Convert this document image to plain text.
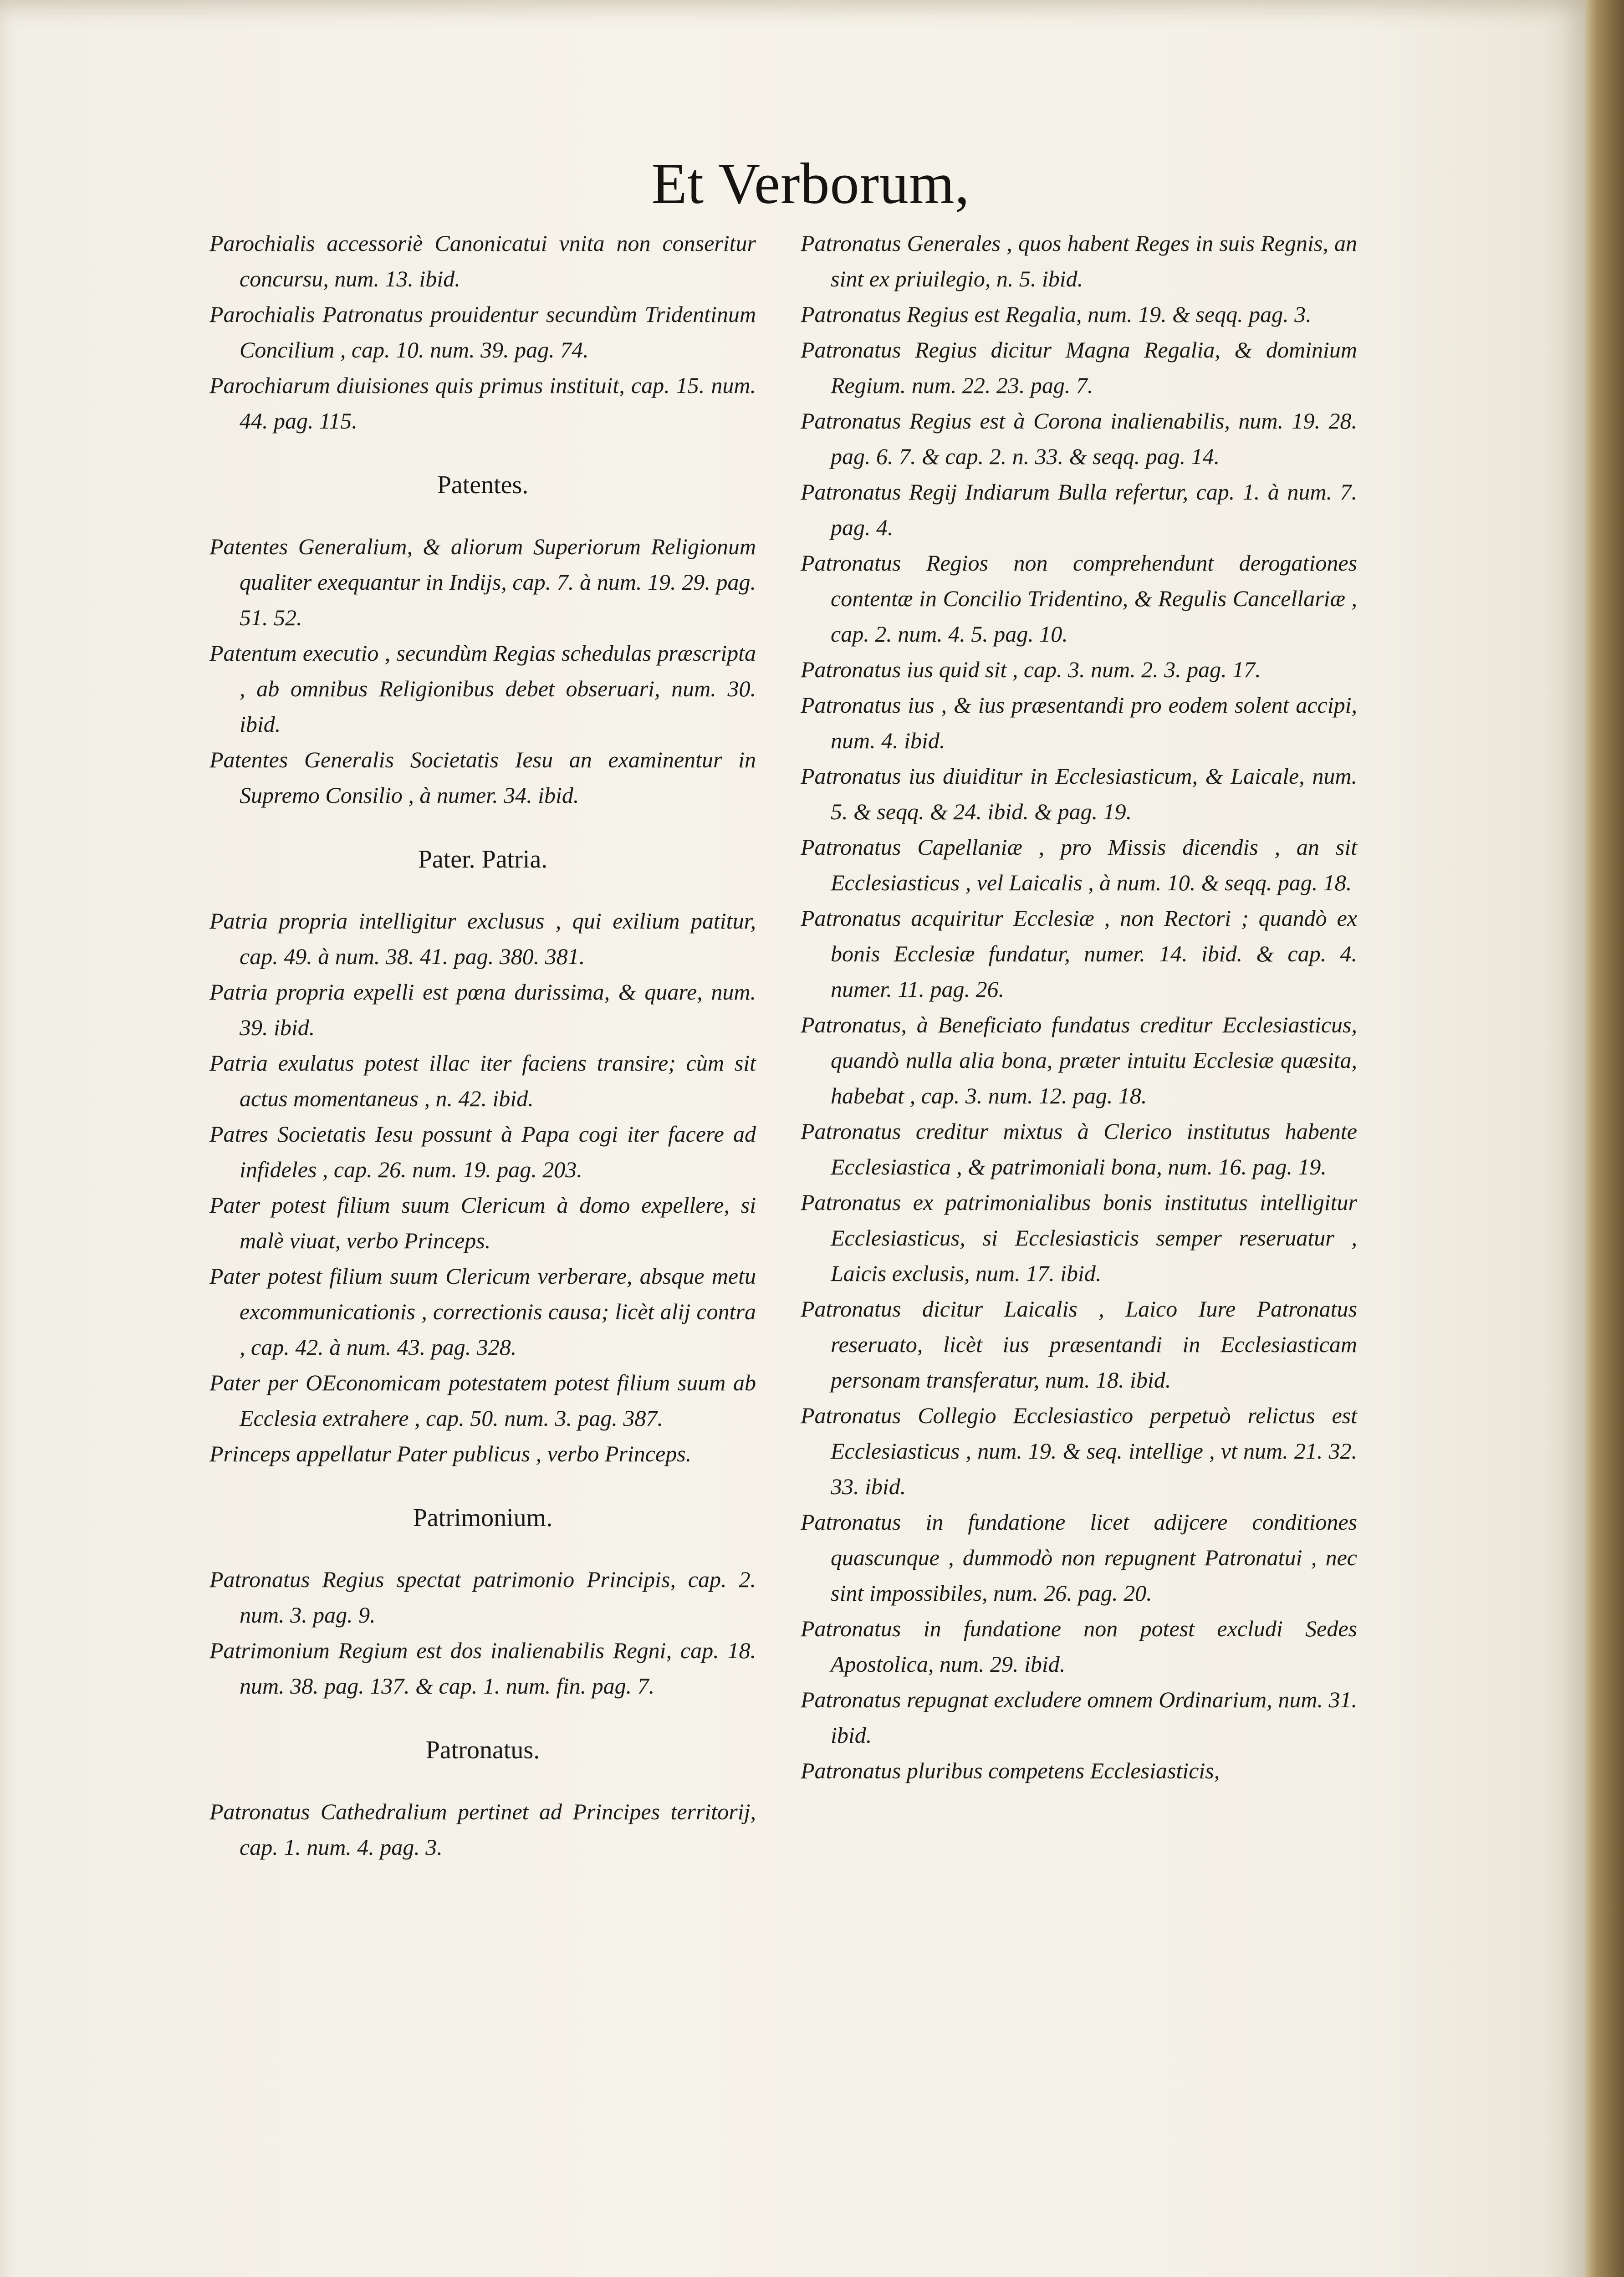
Et Verborum,
Parochialis accessoriè Canonicatui vnita non conseritur concursu, num. 13. ibid.
Parochialis Patronatus prouidentur secundùm Tridentinum Concilium , cap. 10. num. 39. pag. 74.
Parochiarum diuisiones quis primus instituit, cap. 15. num. 44. pag. 115.
Patentes.
Patentes Generalium, & aliorum Superiorum Religionum qualiter exequantur in Indijs, cap. 7. à num. 19. 29. pag. 51. 52.
Patentum executio , secundùm Regias schedulas præscripta , ab omnibus Religionibus debet obseruari, num. 30. ibid.
Patentes Generalis Societatis Iesu an examinentur in Supremo Consilio , à numer. 34. ibid.
Pater. Patria.
Patria propria intelligitur exclusus , qui exilium patitur, cap. 49. à num. 38. 41. pag. 380. 381.
Patria propria expelli est pœna durissima, & quare, num. 39. ibid.
Patria exulatus potest illac iter faciens transire; cùm sit actus momentaneus , n. 42. ibid.
Patres Societatis Iesu possunt à Papa cogi iter facere ad infideles , cap. 26. num. 19. pag. 203.
Pater potest filium suum Clericum à domo expellere, si malè viuat, verbo Princeps.
Pater potest filium suum Clericum verberare, absque metu excommunicationis , correctionis causa; licèt alij contra , cap. 42. à num. 43. pag. 328.
Pater per OEconomicam potestatem potest filium suum ab Ecclesia extrahere , cap. 50. num. 3. pag. 387.
Princeps appellatur Pater publicus , verbo Princeps.
Patrimonium.
Patronatus Regius spectat patrimonio Principis, cap. 2. num. 3. pag. 9.
Patrimonium Regium est dos inalienabilis Regni, cap. 18. num. 38. pag. 137. & cap. 1. num. fin. pag. 7.
Patronatus.
Patronatus Cathedralium pertinet ad Principes territorij, cap. 1. num. 4. pag. 3.
Patronatus Generales , quos habent Reges in suis Regnis, an sint ex priuilegio, n. 5. ibid.
Patronatus Regius est Regalia, num. 19. & seqq. pag. 3.
Patronatus Regius dicitur Magna Regalia, & dominium Regium. num. 22. 23. pag. 7.
Patronatus Regius est à Corona inalienabilis, num. 19. 28. pag. 6. 7. & cap. 2. n. 33. & seqq. pag. 14.
Patronatus Regij Indiarum Bulla refertur, cap. 1. à num. 7. pag. 4.
Patronatus Regios non comprehendunt derogationes contentæ in Concilio Tridentino, & Regulis Cancellariæ , cap. 2. num. 4. 5. pag. 10.
Patronatus ius quid sit , cap. 3. num. 2. 3. pag. 17.
Patronatus ius , & ius præsentandi pro eodem solent accipi, num. 4. ibid.
Patronatus ius diuiditur in Ecclesiasticum, & Laicale, num. 5. & seqq. & 24. ibid. & pag. 19.
Patronatus Capellaniæ , pro Missis dicendis , an sit Ecclesiasticus , vel Laicalis , à num. 10. & seqq. pag. 18.
Patronatus acquiritur Ecclesiæ , non Rectori ; quandò ex bonis Ecclesiæ fundatur, numer. 14. ibid. & cap. 4. numer. 11. pag. 26.
Patronatus, à Beneficiato fundatus creditur Ecclesiasticus, quandò nulla alia bona, præter intuitu Ecclesiæ quæsita, habebat , cap. 3. num. 12. pag. 18.
Patronatus creditur mixtus à Clerico institutus habente Ecclesiastica , & patrimoniali bona, num. 16. pag. 19.
Patronatus ex patrimonialibus bonis institutus intelligitur Ecclesiasticus, si Ecclesiasticis semper reseruatur , Laicis exclusis, num. 17. ibid.
Patronatus dicitur Laicalis , Laico Iure Patronatus reseruato, licèt ius præsentandi in Ecclesiasticam personam transferatur, num. 18. ibid.
Patronatus Collegio Ecclesiastico perpetuò relictus est Ecclesiasticus , num. 19. & seq. intellige , vt num. 21. 32. 33. ibid.
Patronatus in fundatione licet adijcere conditiones quascunque , dummodò non repugnent Patronatui , nec sint impossibiles, num. 26. pag. 20.
Patronatus in fundatione non potest excludi Sedes Apostolica, num. 29. ibid.
Patronatus repugnat excludere omnem Ordinarium, num. 31. ibid.
Patronatus pluribus competens Ecclesiasticis,
